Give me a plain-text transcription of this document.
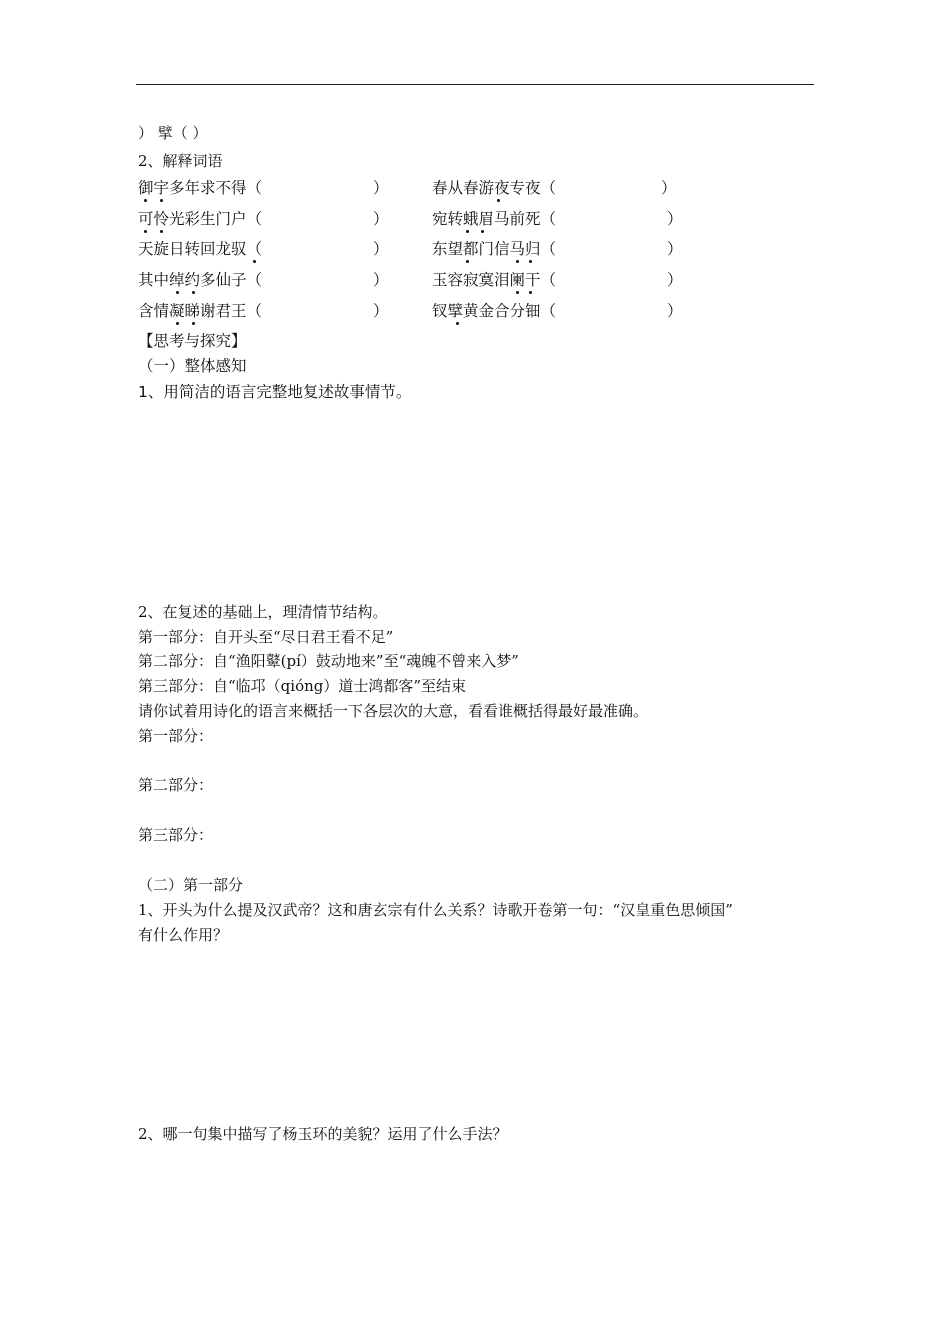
） 擘（ ）
2、解释词语
御宇多年求不得（	）	春从春游夜专夜（	）
可怜光彩生门户（	）	宛转蛾眉马前死（	）
天旋日转回龙驭（	）	东望都门信马归（	）
其中绰约多仙子（	）	玉容寂寞泪阑干（	）
含情凝睇谢君王（	）	钗擘黄金合分钿（	）
【思考与探究】
（一）整体感知
1、用简洁的语言完整地复述故事情节。
2、在复述的基础上，理清情节结构。
第一部分：自开头至“尽日君王看不足”
第二部分：自“渔阳鼙(pí）鼓动地来”至“魂魄不曾来入梦”
第三部分：自“临邛（qióng）道士鸿都客”至结束
请你试着用诗化的语言来概括一下各层次的大意，看看谁概括得最好最准确。
第一部分：
第二部分：
第三部分：
（二）第一部分
1、开头为什么提及汉武帝？这和唐玄宗有什么关系？诗歌开卷第一句：“汉皇重色思倾国”
有什么作用？
2、哪一句集中描写了杨玉环的美貌？运用了什么手法？
